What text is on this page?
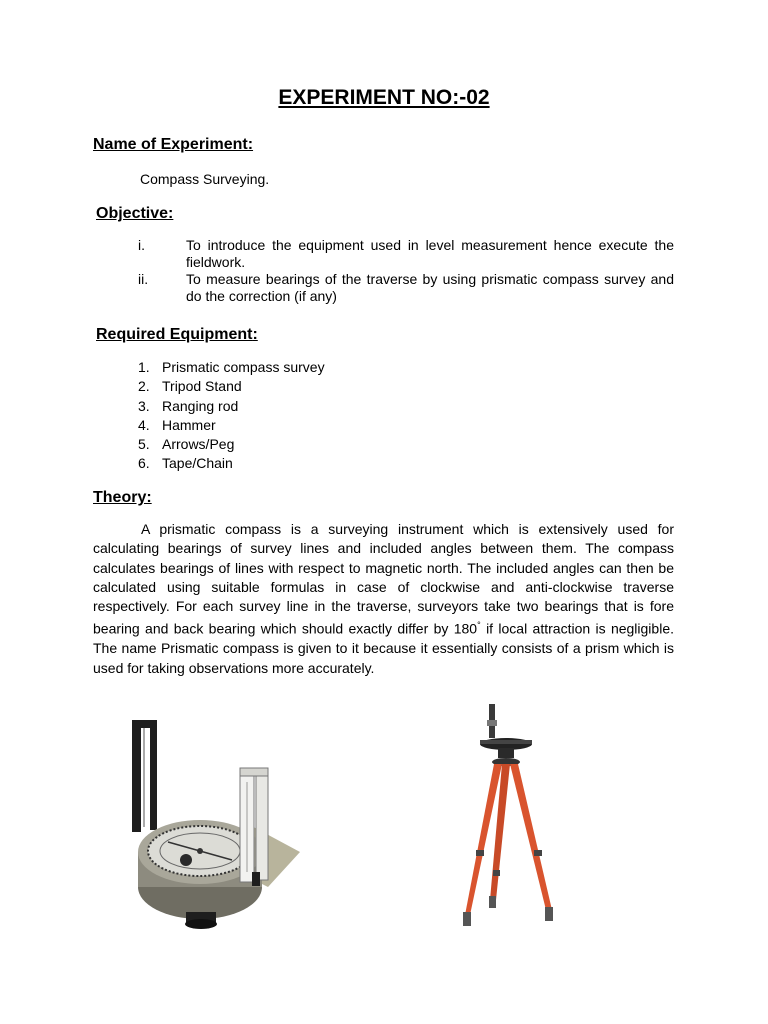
EXPERIMENT NO:-02
Name of Experiment:
Compass Surveying.
Objective:
i.	To introduce the equipment used in level measurement hence execute the fieldwork.
ii.	To measure bearings of the traverse by using prismatic compass survey and do the correction (if any)
Required Equipment:
1. Prismatic compass survey
2. Tripod Stand
3. Ranging rod
4. Hammer
5. Arrows/Peg
6. Tape/Chain
Theory:
A prismatic compass is a surveying instrument which is extensively used for calculating bearings of survey lines and included angles between them. The compass calculates bearings of lines with respect to magnetic north. The included angles can then be calculated using suitable formulas in case of clockwise and anti-clockwise traverse respectively. For each survey line in the traverse, surveyors take two bearings that is fore bearing and back bearing which should exactly differ by 180° if local attraction is negligible. The name Prismatic compass is given to it because it essentially consists of a prism which is used for taking observations more accurately.
